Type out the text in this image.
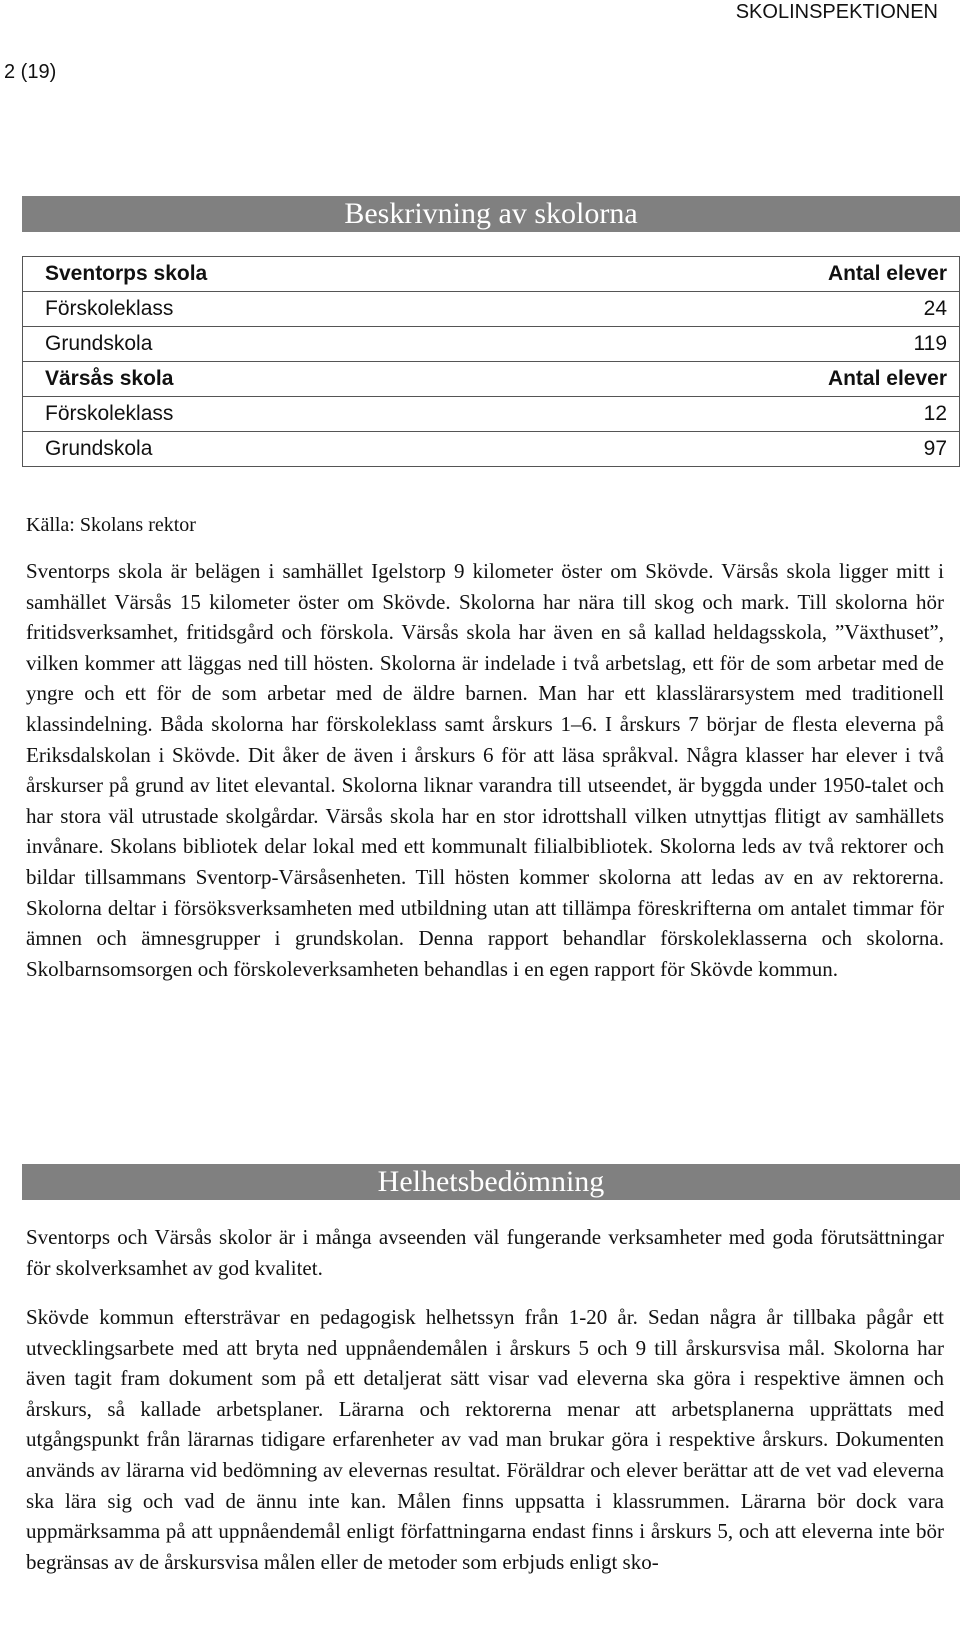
SKOLINSPEKTIONEN
2 (19)
Beskrivning av skolorna
Sventorps skola	Antal elever
Förskoleklass	24
Grundskola	119
Värsås skola	Antal elever
Förskoleklass	12
Grundskola	97
Källa: Skolans rektor

Sventorps skola är belägen i samhället Igelstorp 9 kilometer öster om Skövde. Värsås skola ligger mitt i samhället Värsås 15 kilometer öster om Skövde. Skolorna har nära till skog och mark. Till skolorna hör fritidsverksamhet, fritidsgård och förskola. Värsås skola har även en så kallad heldagsskola, ”Växthuset”, vilken kommer att läggas ned till hösten. Skolorna är indelade i två arbetslag, ett för de som arbetar med de yngre och ett för de som arbetar med de äldre barnen. Man har ett klasslärarsystem med traditionell klassindelning. Båda skolorna har förskoleklass samt årskurs 1–6. I årskurs 7 börjar de flesta eleverna på Eriksdalskolan i Skövde. Dit åker de även i årskurs 6 för att läsa språkval. Några klasser har elever i två årskurser på grund av litet elevantal. Skolorna liknar varandra till utseendet, är byggda under 1950-talet och har stora väl utrustade skolgårdar. Värsås skola har en stor idrottshall vilken utnyttjas flitigt av samhällets invånare. Skolans bibliotek delar lokal med ett kommunalt filialbibliotek. Skolorna leds av två rektorer och bildar tillsammans Sventorp-Värsåsenheten. Till hösten kommer skolorna att ledas av en av rektorerna. Skolorna deltar i försöksverksamheten med utbildning utan att tillämpa föreskrifterna om antalet timmar för ämnen och ämnesgrupper i grundskolan. Denna rapport behandlar förskoleklasserna och skolorna. Skolbarnsomsorgen och förskoleverksamheten behandlas i en egen rapport för Skövde kommun.

Helhetsbedömning

Sventorps och Värsås skolor är i många avseenden väl fungerande verksamheter med goda förutsättningar för skolverksamhet av god kvalitet.

Skövde kommun eftersträvar en pedagogisk helhetssyn från 1-20 år. Sedan några år tillbaka pågår ett utvecklingsarbete med att bryta ned uppnåendemålen i årskurs 5 och 9 till årskursvisa mål. Skolorna har även tagit fram dokument som på ett detaljerat sätt visar vad eleverna ska göra i respektive ämnen och årskurs, så kallade arbetsplaner. Lärarna och rektorerna menar att arbetsplanerna upprättats med utgångspunkt från lärarnas tidigare erfarenheter av vad man brukar göra i respektive årskurs. Dokumenten används av lärarna vid bedömning av elevernas resultat. Föräldrar och elever berättar att de vet vad eleverna ska lära sig och vad de ännu inte kan. Målen finns uppsatta i klassrummen. Lärarna bör dock vara uppmärksamma på att uppnåendemål enligt författningarna endast finns i årskurs 5, och att eleverna inte bör begränsas av de årskursvisa målen eller de metoder som erbjuds enligt sko-
